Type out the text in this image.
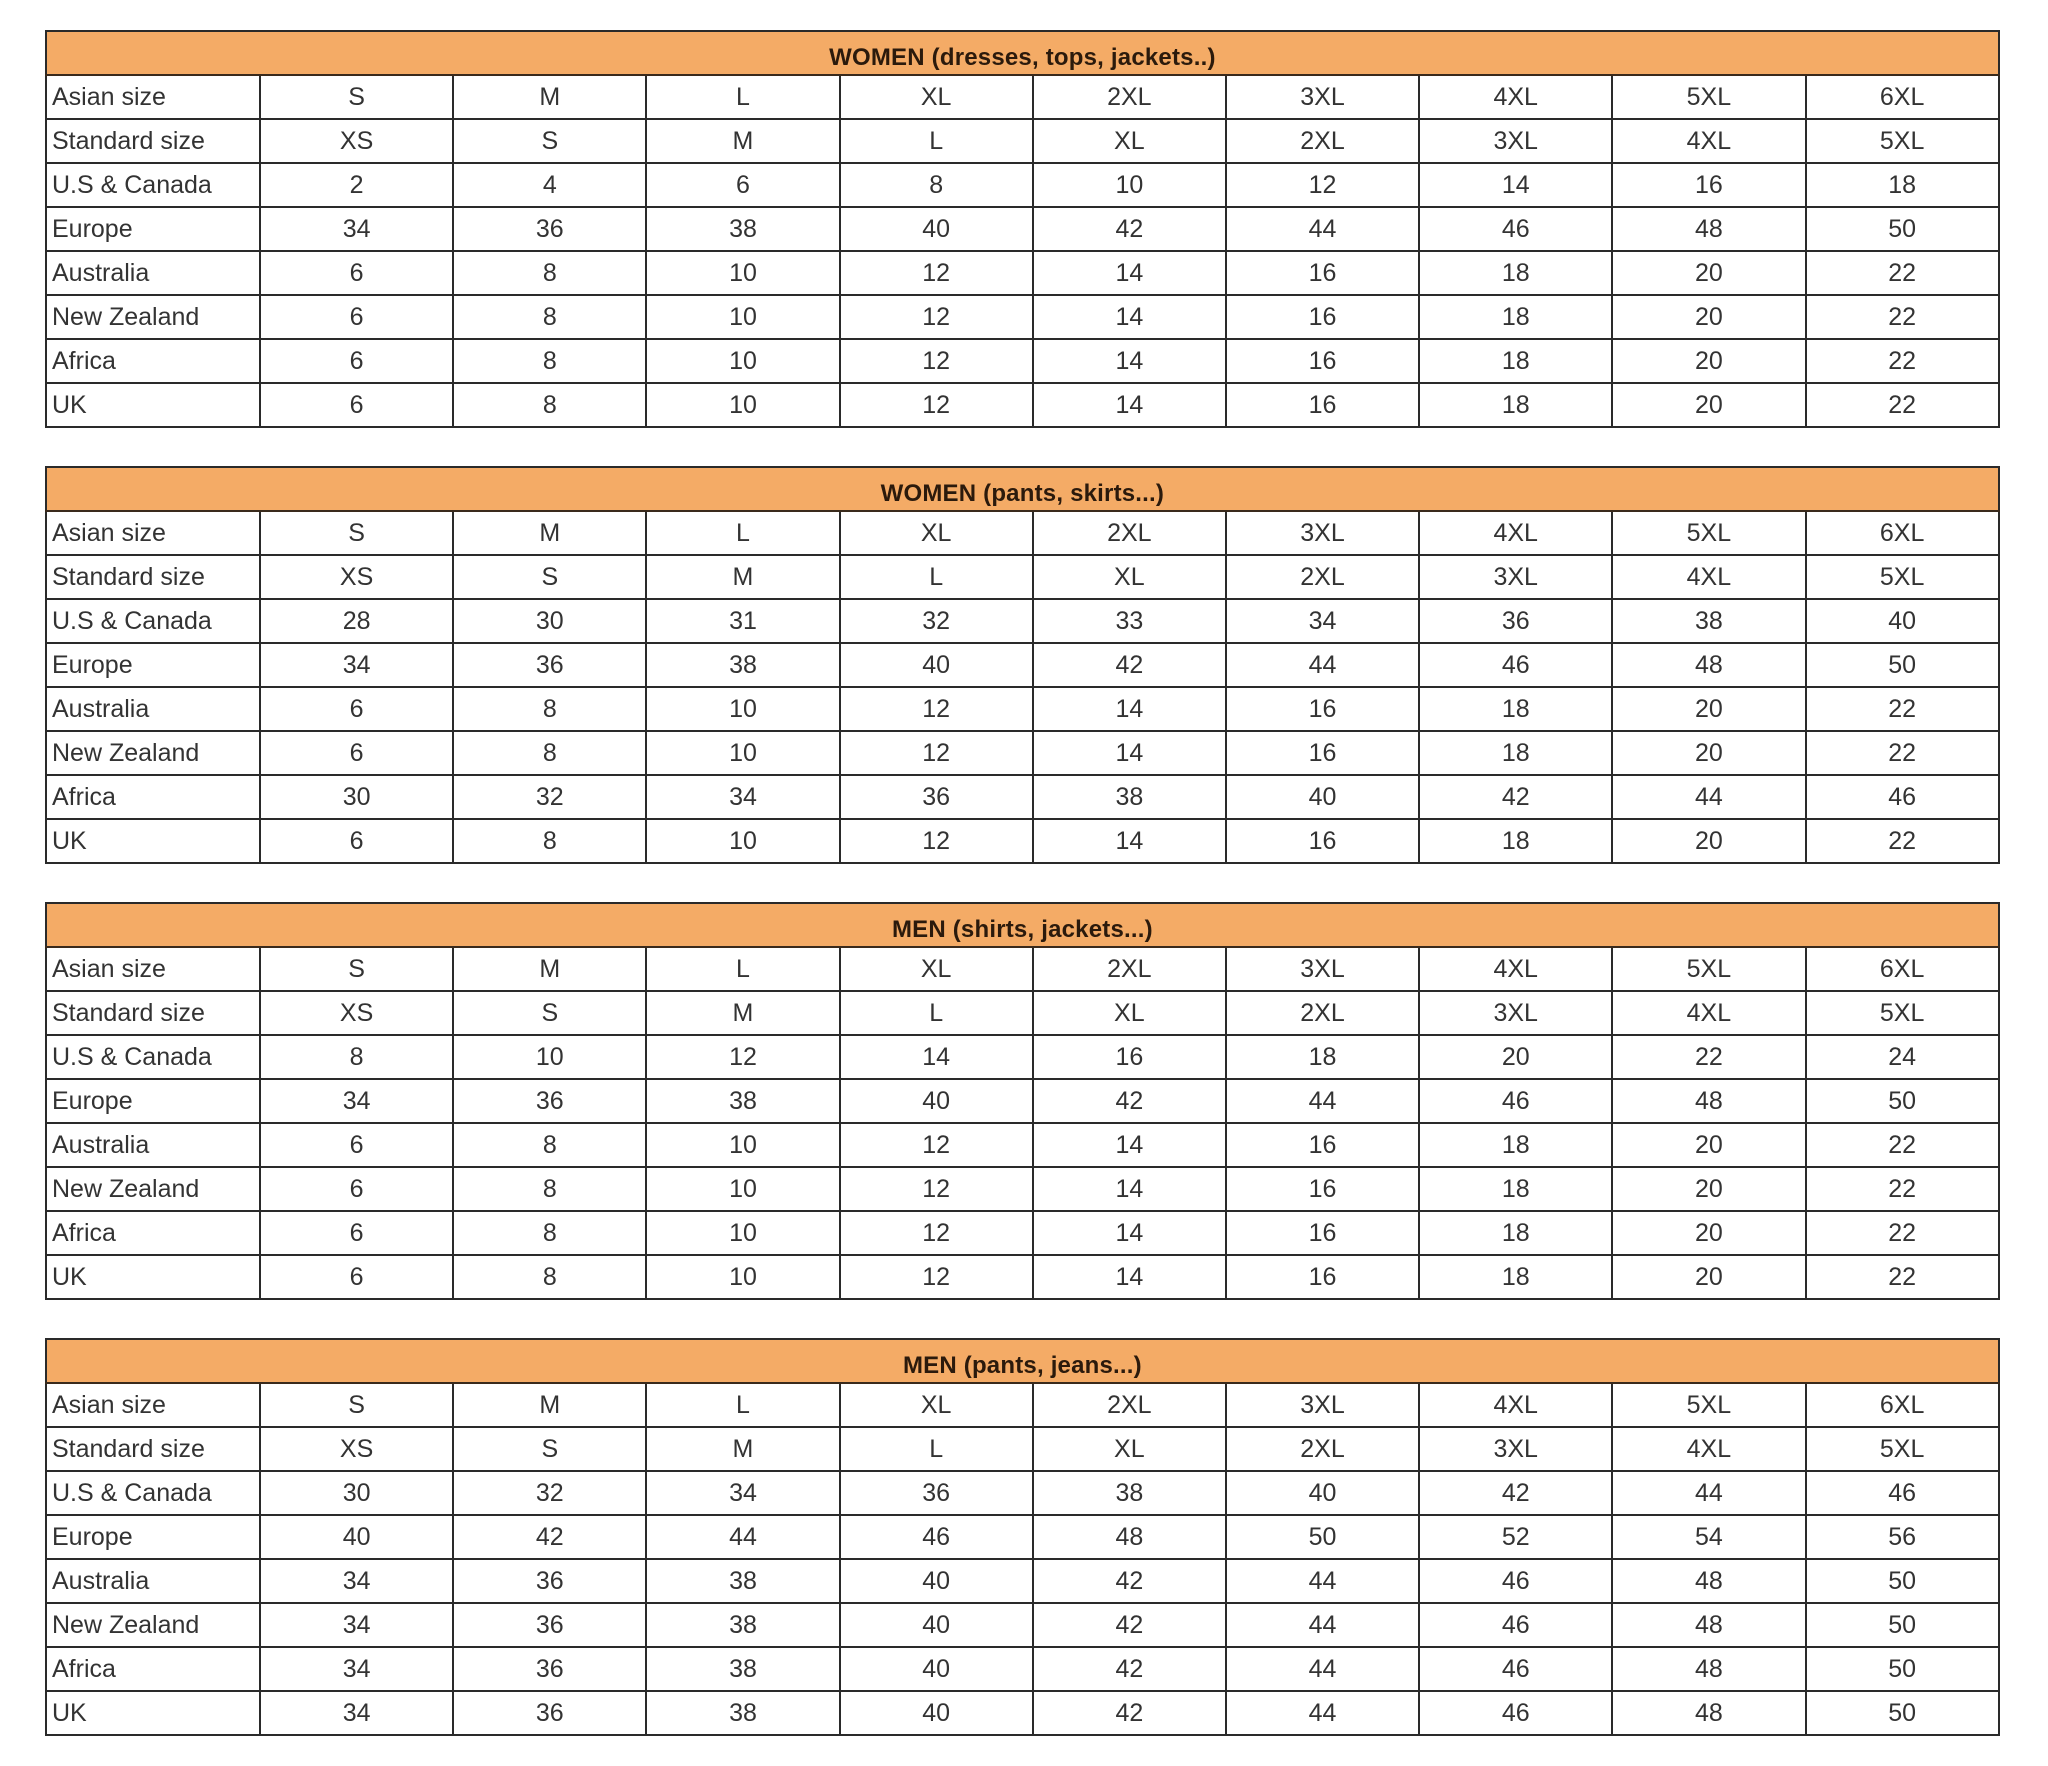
WOMEN (dresses, tops, jackets..)									
Asian size	S	M	L	XL	2XL	3XL	4XL	5XL	6XL
Standard size	XS	S	M	L	XL	2XL	3XL	4XL	5XL
U.S & Canada	2	4	6	8	10	12	14	16	18
Europe	34	36	38	40	42	44	46	48	50
Australia	6	8	10	12	14	16	18	20	22
New Zealand	6	8	10	12	14	16	18	20	22
Africa	6	8	10	12	14	16	18	20	22
UK	6	8	10	12	14	16	18	20	22
WOMEN (pants, skirts...)									
Asian size	S	M	L	XL	2XL	3XL	4XL	5XL	6XL
Standard size	XS	S	M	L	XL	2XL	3XL	4XL	5XL
U.S & Canada	28	30	31	32	33	34	36	38	40
Europe	34	36	38	40	42	44	46	48	50
Australia	6	8	10	12	14	16	18	20	22
New Zealand	6	8	10	12	14	16	18	20	22
Africa	30	32	34	36	38	40	42	44	46
UK	6	8	10	12	14	16	18	20	22
MEN (shirts, jackets...)									
Asian size	S	M	L	XL	2XL	3XL	4XL	5XL	6XL
Standard size	XS	S	M	L	XL	2XL	3XL	4XL	5XL
U.S & Canada	8	10	12	14	16	18	20	22	24
Europe	34	36	38	40	42	44	46	48	50
Australia	6	8	10	12	14	16	18	20	22
New Zealand	6	8	10	12	14	16	18	20	22
Africa	6	8	10	12	14	16	18	20	22
UK	6	8	10	12	14	16	18	20	22
MEN (pants, jeans...)									
Asian size	S	M	L	XL	2XL	3XL	4XL	5XL	6XL
Standard size	XS	S	M	L	XL	2XL	3XL	4XL	5XL
U.S & Canada	30	32	34	36	38	40	42	44	46
Europe	40	42	44	46	48	50	52	54	56
Australia	34	36	38	40	42	44	46	48	50
New Zealand	34	36	38	40	42	44	46	48	50
Africa	34	36	38	40	42	44	46	48	50
UK	34	36	38	40	42	44	46	48	50
